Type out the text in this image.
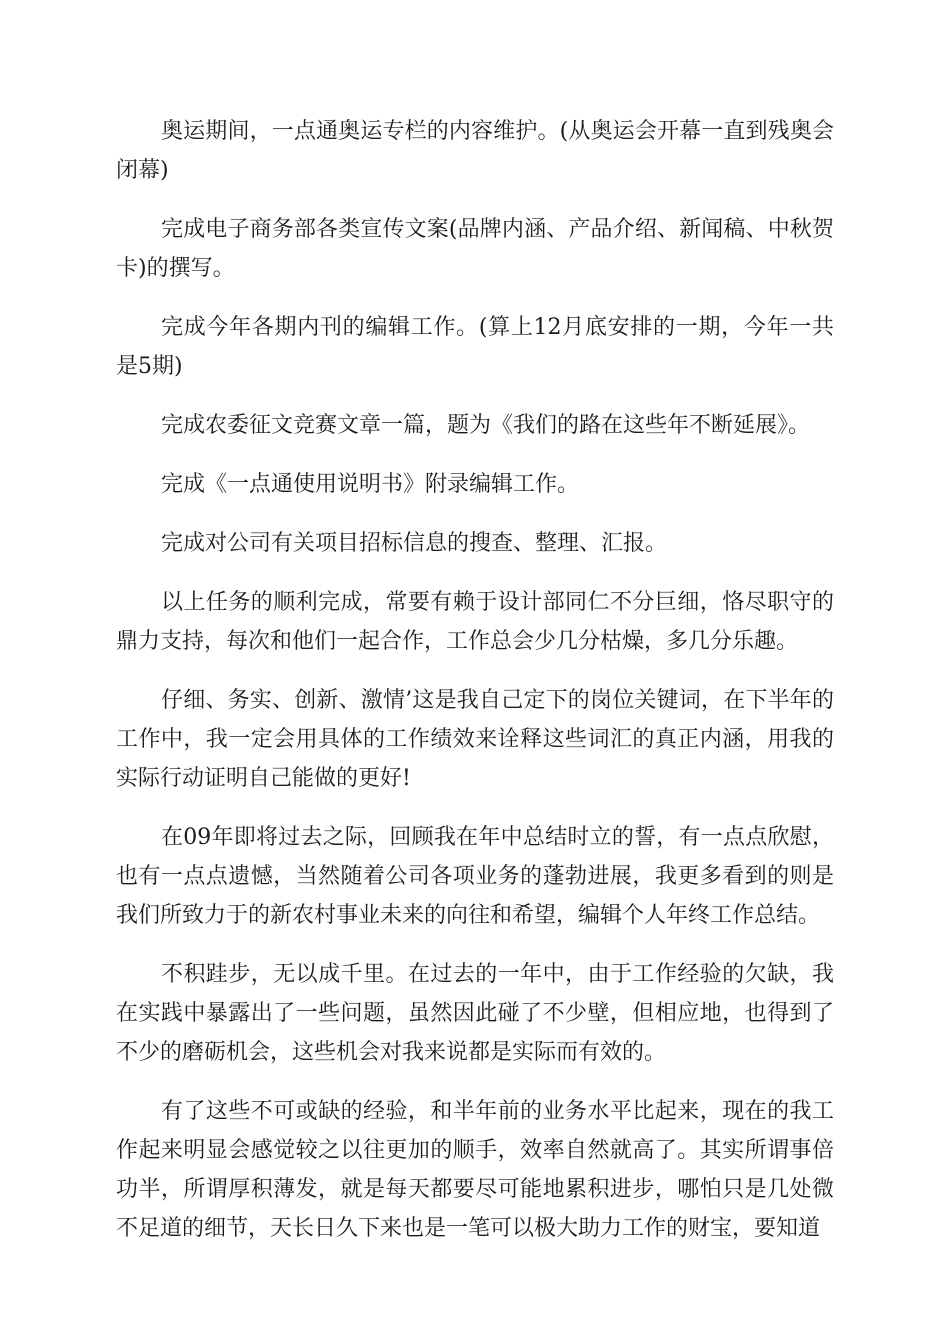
奥运期间，一点通奥运专栏的内容维护。(从奥运会开幕一直到残奥会闭幕)

完成电子商务部各类宣传文案(品牌内涵、产品介绍、新闻稿、中秋贺卡)的撰写。

完成今年各期内刊的编辑工作。(算上12月底安排的一期，今年一共是5期)

完成农委征文竞赛文章一篇，题为《我们的路在这些年不断延展》。

完成《一点通使用说明书》附录编辑工作。

完成对公司有关项目招标信息的搜查、整理、汇报。

以上任务的顺利完成，常要有赖于设计部同仁不分巨细，恪尽职守的鼎力支持，每次和他们一起合作，工作总会少几分枯燥，多几分乐趣。

仔细、务实、创新、激情’这是我自己定下的岗位关键词，在下半年的工作中，我一定会用具体的工作绩效来诠释这些词汇的真正内涵，用我的实际行动证明自己能做的更好!

在09年即将过去之际，回顾我在年中总结时立的誓，有一点点欣慰，也有一点点遗憾，当然随着公司各项业务的蓬勃进展，我更多看到的则是我们所致力于的新农村事业未来的向往和希望，编辑个人年终工作总结。

不积跬步，无以成千里。在过去的一年中，由于工作经验的欠缺，我在实践中暴露出了一些问题，虽然因此碰了不少壁，但相应地，也得到了不少的磨砺机会，这些机会对我来说都是实际而有效的。

有了这些不可或缺的经验，和半年前的业务水平比起来，现在的我工作起来明显会感觉较之以往更加的顺手，效率自然就高了。其实所谓事倍功半，所谓厚积薄发，就是每天都要尽可能地累积进步，哪怕只是几处微不足道的细节，天长日久下来也是一笔可以极大助力工作的财宝，要知道
